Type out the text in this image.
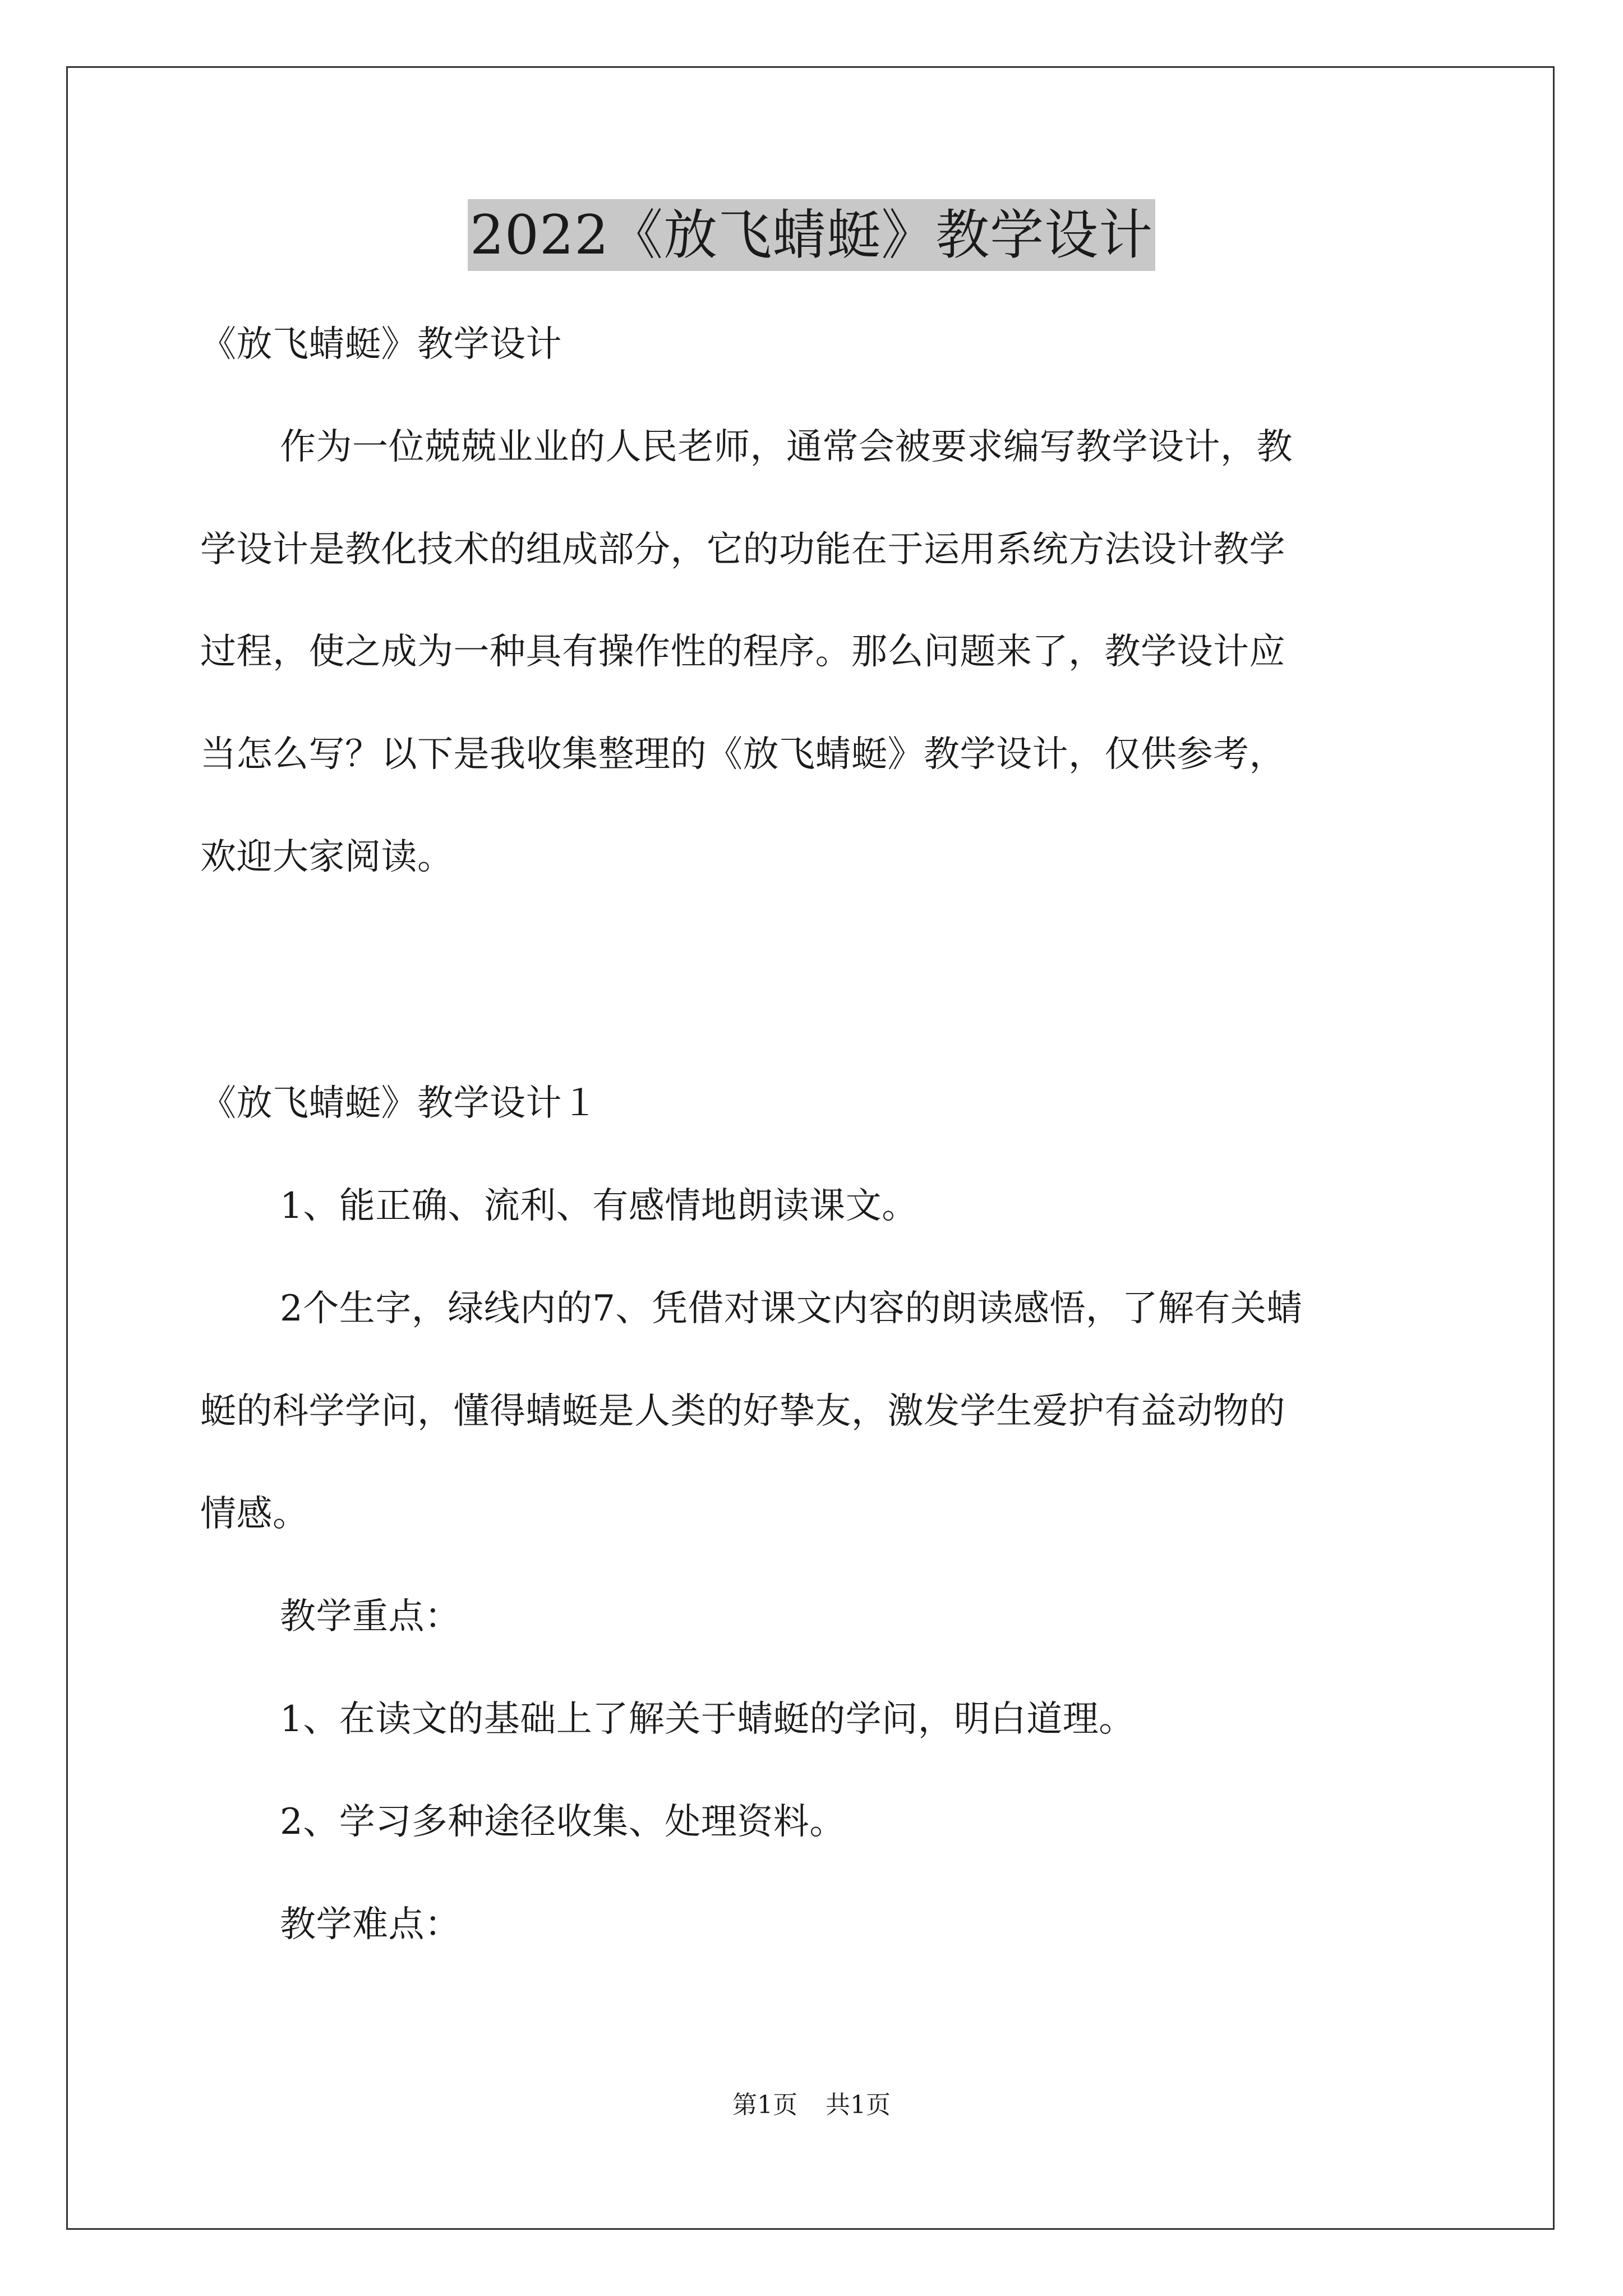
2022《放飞蜻蜓》教学设计
《放飞蜻蜓》教学设计
作为一位兢兢业业的人民老师，通常会被要求编写教学设计，教
学设计是教化技术的组成部分，它的功能在于运用系统方法设计教学
过程，使之成为一种具有操作性的程序。那么问题来了，教学设计应
当怎么写？以下是我收集整理的《放飞蜻蜓》教学设计，仅供参考，
欢迎大家阅读。
《放飞蜻蜓》教学设计１
1、能正确、流利、有感情地朗读课文。
2个生字，绿线内的7、凭借对课文内容的朗读感悟，了解有关蜻
蜓的科学学问，懂得蜻蜓是人类的好挚友，激发学生爱护有益动物的
情感。
教学重点：
1、在读文的基础上了解关于蜻蜓的学问，明白道理。
2、学习多种途径收集、处理资料。
教学难点：
第1页 共1页
